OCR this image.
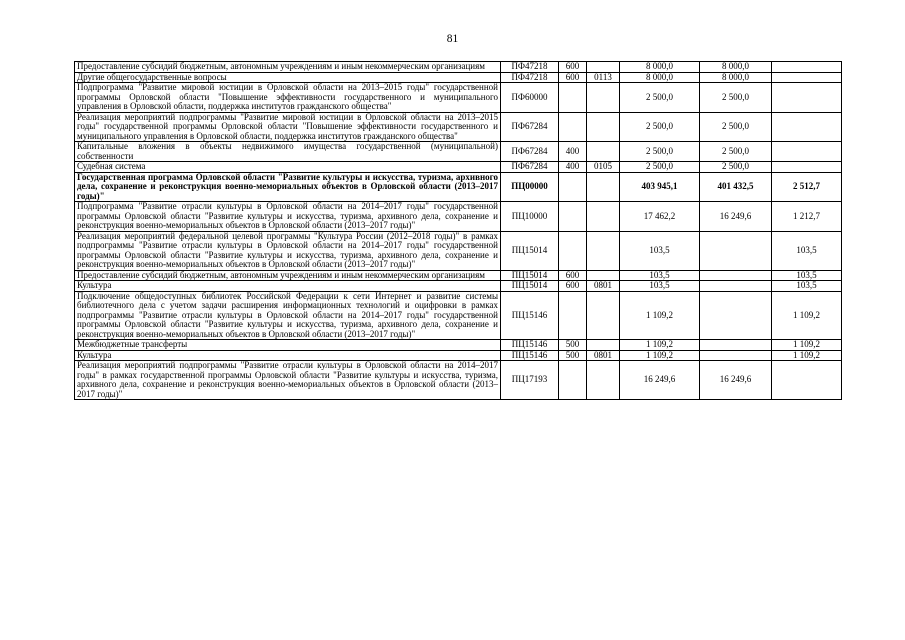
81
Предоставление субсидий бюджетным, автономным учреждениям и иным некоммерческим организациям	ПФ47218	600		8 000,0	8 000,0	
Другие общегосударственные вопросы	ПФ47218	600	0113	8 000,0	8 000,0	
Подпрограмма "Развитие мировой юстиции в Орловской области на 2013–2015 годы" государственной программы Орловской области "Повышение эффективности государственного и муниципального управления в Орловской области, поддержка институтов гражданского общества"	ПФ60000			2 500,0	2 500,0	
Реализация мероприятий подпрограммы "Развитие мировой юстиции в Орловской области на 2013–2015 годы" государственной программы Орловской области "Повышение эффективности государственного и муниципального управления в Орловской области, поддержка институтов гражданского общества"	ПФ67284			2 500,0	2 500,0	
Капитальные вложения в объекты недвижимого имущества государственной (муниципальной) собственности	ПФ67284	400		2 500,0	2 500,0	
Судебная система	ПФ67284	400	0105	2 500,0	2 500,0	
Государственная программа Орловской области "Развитие культуры и искусства, туризма, архивного дела, сохранение и реконструкция военно-мемориальных объектов в Орловской области (2013–2017 годы)"	ПЦ00000			403 945,1	401 432,5	2 512,7
Подпрограмма "Развитие отрасли культуры в Орловской области на 2014–2017 годы" государственной программы Орловской области "Развитие культуры и искусства, туризма, архивного дела, сохранение и реконструкция военно-мемориальных объектов в Орловской области (2013–2017 годы)"	ПЦ10000			17 462,2	16 249,6	1 212,7
Реализация мероприятий федеральной целевой программы "Культура России (2012–2018 годы)" в рамках подпрограммы "Развитие отрасли культуры в Орловской области на 2014–2017 годы" государственной программы Орловской области "Развитие культуры и искусства, туризма, архивного дела, сохранение и реконструкция военно-мемориальных объектов в Орловской области (2013–2017 годы)"	ПЦ15014			103,5		103,5
Предоставление субсидий бюджетным, автономным учреждениям и иным некоммерческим организациям	ПЦ15014	600		103,5		103,5
Культура	ПЦ15014	600	0801	103,5		103,5
Подключение общедоступных библиотек Российской Федерации к сети Интернет и развитие системы библиотечного дела с учетом задачи расширения информационных технологий и оцифровки в рамках подпрограммы "Развитие отрасли культуры в Орловской области на 2014–2017 годы" государственной программы Орловской области "Развитие культуры и искусства, туризма, архивного дела, сохранение и реконструкция военно-мемориальных объектов в Орловской области (2013–2017 годы)"	ПЦ15146			1 109,2		1 109,2
Межбюджетные трансферты	ПЦ15146	500		1 109,2		1 109,2
Культура	ПЦ15146	500	0801	1 109,2		1 109,2
Реализация мероприятий подпрограммы "Развитие отрасли культуры в Орловской области на 2014–2017 годы" в рамках государственной программы Орловской области "Развитие культуры и искусства, туризма, архивного дела, сохранение и реконструкция военно-мемориальных объектов в Орловской области (2013–2017 годы)"	ПЦ17193			16 249,6	16 249,6	
